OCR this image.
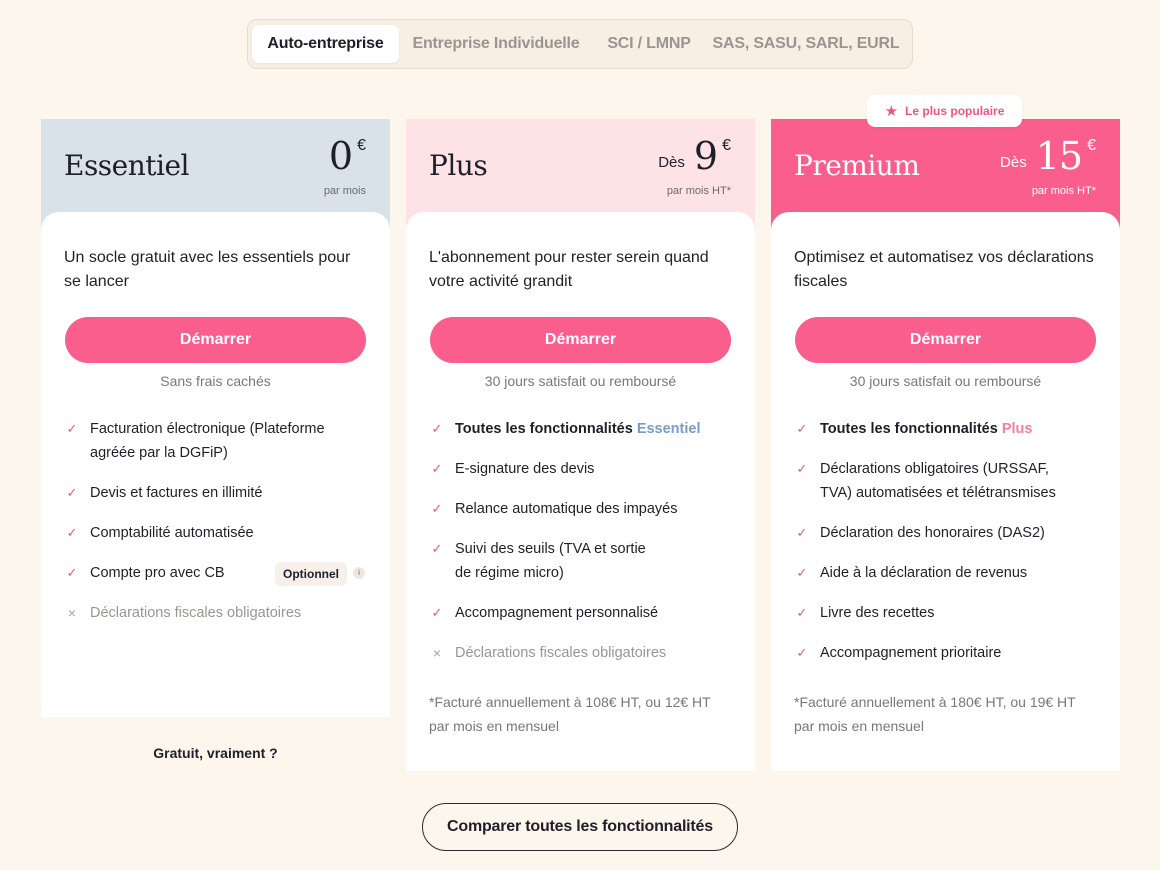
Auto-entreprise	Entreprise Individuelle	SCI / LMNP	SAS, SASU, SARL, EURL
★ Le plus populaire
Essentiel	0 €
par mois
Un socle gratuit avec les essentiels pour se lancer
Démarrer
Sans frais cachés
✓ Facturation électronique (Plateforme agréée par la DGFiP)
✓ Devis et factures en illimité
✓ Comptabilité automatisée
✓ Compte pro avec CB	Optionnel	i
× Déclarations fiscales obligatoires
Gratuit, vraiment ?
Plus	Dès 9 €
par mois HT*
L'abonnement pour rester serein quand votre activité grandit
Démarrer
30 jours satisfait ou remboursé
✓ Toutes les fonctionnalités Essentiel
✓ E-signature des devis
✓ Relance automatique des impayés
✓ Suivi des seuils (TVA et sortie de régime micro)
✓ Accompagnement personnalisé
× Déclarations fiscales obligatoires
*Facturé annuellement à 108€ HT, ou 12€ HT par mois en mensuel
Premium	Dès 15 €
par mois HT*
Optimisez et automatisez vos déclarations fiscales
Démarrer
30 jours satisfait ou remboursé
✓ Toutes les fonctionnalités Plus
✓ Déclarations obligatoires (URSSAF, TVA) automatisées et télétransmises
✓ Déclaration des honoraires (DAS2)
✓ Aide à la déclaration de revenus
✓ Livre des recettes
✓ Accompagnement prioritaire
*Facturé annuellement à 180€ HT, ou 19€ HT par mois en mensuel
Comparer toutes les fonctionnalités
